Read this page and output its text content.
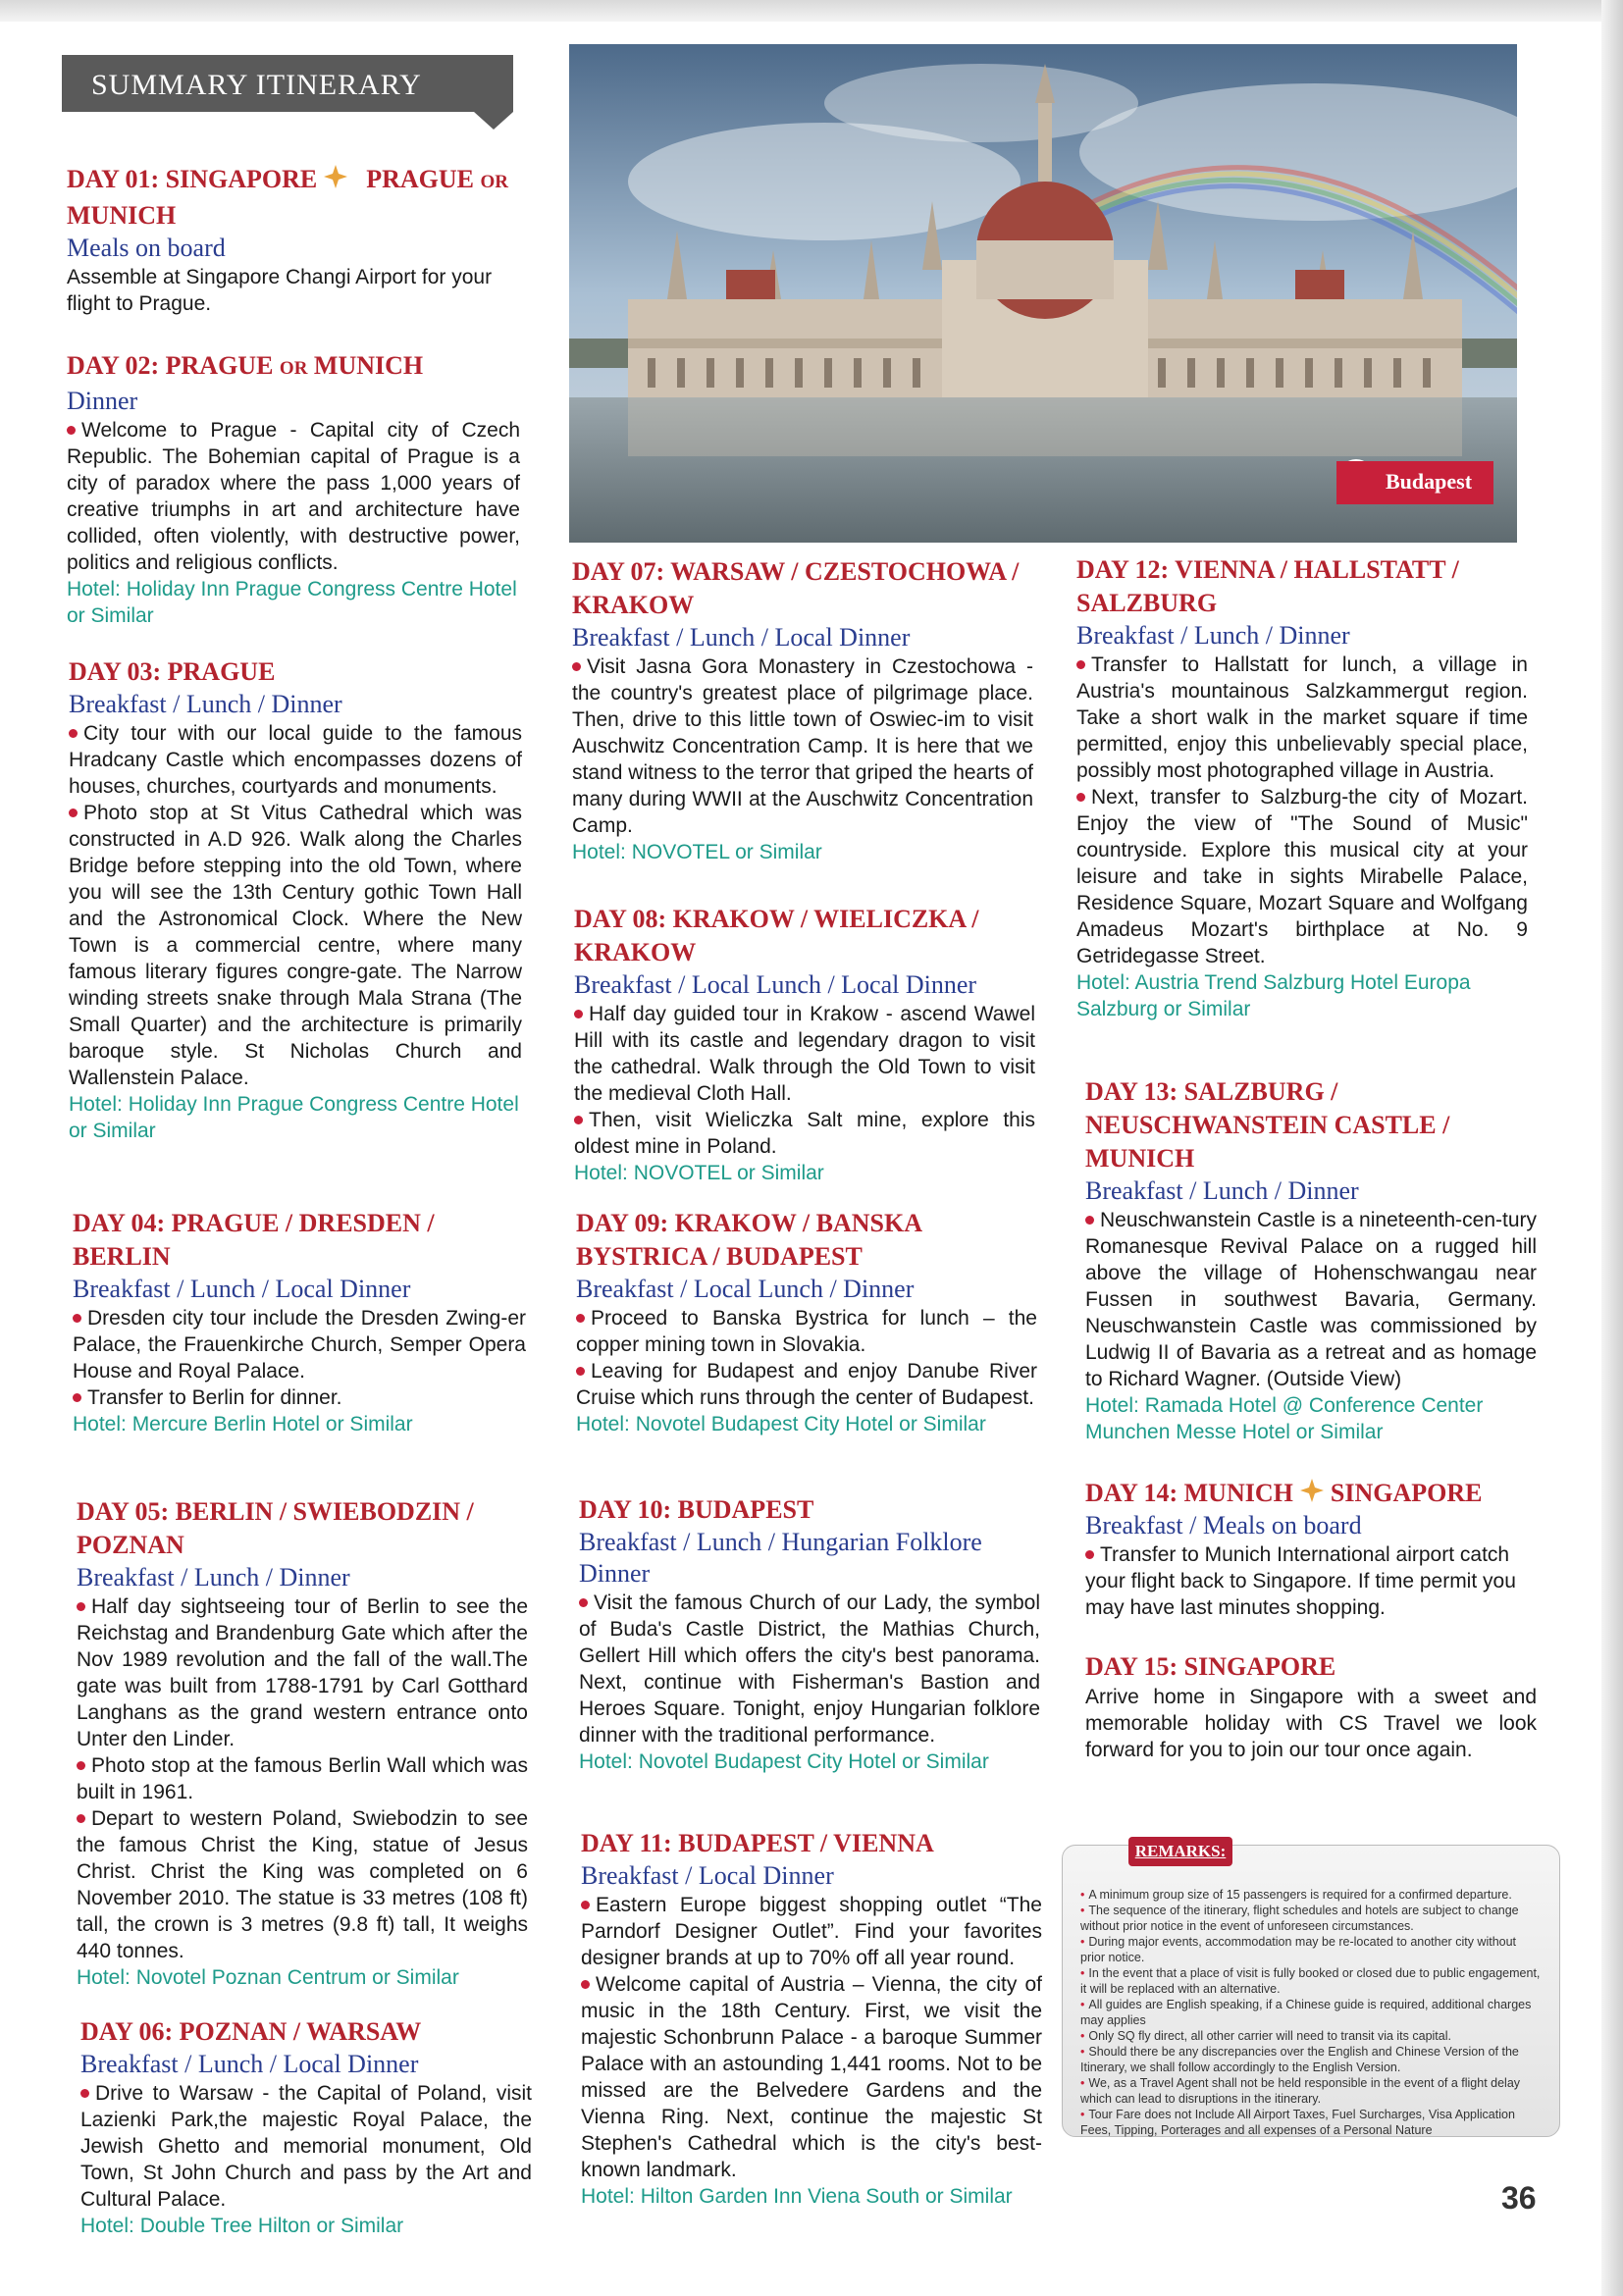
SUMMARY ITINERARY
Budapest
DAY 01: SINGAPORE PRAGUE OR
MUNICH
Meals on board
Assemble at Singapore Changi Airport for your flight to Prague.
DAY 02: PRAGUE OR MUNICH
Dinner
Welcome to Prague - Capital city of Czech Republic. The Bohemian capital of Prague is a city of paradox where the pass 1,000 years of creative triumphs in art and architecture have collided, often violently, with destructive power, politics and religious conflicts.
Hotel: Holiday Inn Prague Congress Centre Hotel or Similar
DAY 03: PRAGUE
Breakfast / Lunch / Dinner

City tour with our local guide to the famous Hradcany Castle which encompasses dozens of houses, churches, courtyards and monuments.

Photo stop at St Vitus Cathedral which was constructed in A.D 926. Walk along the Charles Bridge before stepping into the old Town, where you will see the 13th Century gothic Town Hall and the Astronomical Clock. Where the New Town is a commercial centre, where many famous literary figures congre-gate. The Narrow winding streets snake through Mala Strana (The Small Quarter) and the architecture is primarily baroque style. St Nicholas Church and Wallenstein Palace.

Hotel: Holiday Inn Prague Congress Centre Hotel or Similar
DAY 04: PRAGUE / DRESDEN / BERLIN
Breakfast / Lunch / Local Dinner

Dresden city tour include the Dresden Zwing-er Palace, the Frauenkirche Church, Semper Opera House and Royal Palace.

Transfer to Berlin for dinner.

Hotel: Mercure Berlin Hotel or Similar
DAY 05: BERLIN / SWIEBODZIN / POZNAN
Breakfast / Lunch / Dinner

Half day sightseeing tour of Berlin to see the Reichstag and Brandenburg Gate which after the Nov 1989 revolution and the fall of the wall.The gate was built from 1788-1791 by Carl Gotthard Langhans as the grand western entrance onto Unter den Linder.

Photo stop at the famous Berlin Wall which was built in 1961.

Depart to western Poland, Swiebodzin to see the famous Christ the King, statue of Jesus Christ. Christ the King was completed on 6 November 2010. The statue is 33 metres (108 ft) tall, the crown is 3 metres (9.8 ft) tall, It weighs 440 tonnes.

Hotel: Novotel Poznan Centrum or Similar
DAY 06: POZNAN / WARSAW
Breakfast / Lunch / Local Dinner
Drive to Warsaw - the Capital of Poland, visit Lazienki Park,the majestic Royal Palace, the Jewish Ghetto and memorial monument, Old Town, St John Church and pass by the Art and Cultural Palace.
Hotel: Double Tree Hilton or Similar
DAY 07: WARSAW / CZESTOCHOWA / KRAKOW
Breakfast / Lunch / Local Dinner
Visit Jasna Gora Monastery in Czestochowa - the country's greatest place of pilgrimage place. Then, drive to this little town of Oswiec-im to visit Auschwitz Concentration Camp. It is here that we stand witness to the terror that griped the hearts of many during WWII at the Auschwitz Concentration Camp.
Hotel: NOVOTEL or Similar
DAY 08: KRAKOW / WIELICZKA / KRAKOW
Breakfast / Local Lunch / Local Dinner

Half day guided tour in Krakow - ascend Wawel Hill with its castle and legendary dragon to visit the cathedral. Walk through the Old Town to visit the medieval Cloth Hall.

Then, visit Wieliczka Salt mine, explore this oldest mine in Poland.

Hotel: NOVOTEL or Similar
DAY 09: KRAKOW / BANSKA BYSTRICA / BUDAPEST
Breakfast / Local Lunch / Dinner

Proceed to Banska Bystrica for lunch – the copper mining town in Slovakia.

Leaving for Budapest and enjoy Danube River Cruise which runs through the center of Budapest.

Hotel: Novotel Budapest City Hotel or Similar
DAY 10: BUDAPEST
Breakfast / Lunch / Hungarian Folklore Dinner
Visit the famous Church of our Lady, the symbol of Buda's Castle District, the Mathias Church, Gellert Hill which offers the city's best panorama. Next, continue with Fisherman's Bastion and Heroes Square. Tonight, enjoy Hungarian folklore dinner with the traditional performance.
Hotel: Novotel Budapest City Hotel or Similar
DAY 11: BUDAPEST / VIENNA
Breakfast / Local Dinner

Eastern Europe biggest shopping outlet “The Parndorf Designer Outlet”. Find your favorites designer brands at up to 70% off all year round.

Welcome capital of Austria – Vienna, the city of music in the 18th Century. First, we visit the majestic Schonbrunn Palace - a baroque Summer Palace with an astounding 1,441 rooms. Not to be missed are the Belvedere Gardens and the Vienna Ring. Next, continue the majestic St Stephen's Cathedral which is the city's best-known landmark.

Hotel: Hilton Garden Inn Viena South or Similar
DAY 12: VIENNA / HALLSTATT / SALZBURG
Breakfast / Lunch / Dinner

Transfer to Hallstatt for lunch, a village in Austria's mountainous Salzkammergut region. Take a short walk in the market square if time permitted, enjoy this unbelievably special place, possibly most photographed village in Austria.

Next, transfer to Salzburg-the city of Mozart. Enjoy the view of "The Sound of Music" countryside. Explore this musical city at your leisure and take in sights Mirabelle Palace, Residence Square, Mozart Square and Wolfgang Amadeus Mozart's birthplace at No. 9 Getridegasse Street.

Hotel: Austria Trend Salzburg Hotel Europa Salzburg or Similar
DAY 13: SALZBURG / NEUSCHWANSTEIN CASTLE / MUNICH
Breakfast / Lunch / Dinner
Neuschwanstein Castle is a nineteenth-cen-tury Romanesque Revival Palace on a rugged hill above the village of Hohenschwangau near Fussen in southwest Bavaria, Germany. Neuschwanstein Castle was commissioned by Ludwig II of Bavaria as a retreat and as homage to Richard Wagner. (Outside View)
Hotel: Ramada Hotel @ Conference Center Munchen Messe Hotel or Similar
DAY 14: MUNICH SINGAPORE
Breakfast / Meals on board
Transfer to Munich International airport catch your flight back to Singapore. If time permit you may have last minutes shopping.
DAY 15: SINGAPORE
Arrive home in Singapore with a sweet and memorable holiday with CS Travel we look forward for you to join our tour once again.

• A minimum group size of 15 passengers is required for a confirmed departure.

• The sequence of the itinerary, flight schedules and hotels are subject to change without prior notice in the event of unforeseen circumstances.

• During major events, accommodation may be re-located to another city without prior notice.

• In the event that a place of visit is fully booked or closed due to public engagement, it will be replaced with an alternative.

• All guides are English speaking, if a Chinese guide is required, additional charges may applies

• Only SQ fly direct, all other carrier will need to transit via its capital.

• Should there be any discrepancies over the English and Chinese Version of the Itinerary, we shall follow accordingly to the English Version.

• We, as a Travel Agent shall not be held responsible in the event of a flight delay which can lead to disruptions in the itinerary.

• Tour Fare does not Include All Airport Taxes, Fuel Surcharges, Visa Application Fees, Tipping, Porterages and all expenses of a Personal Nature

REMARKS:
36
